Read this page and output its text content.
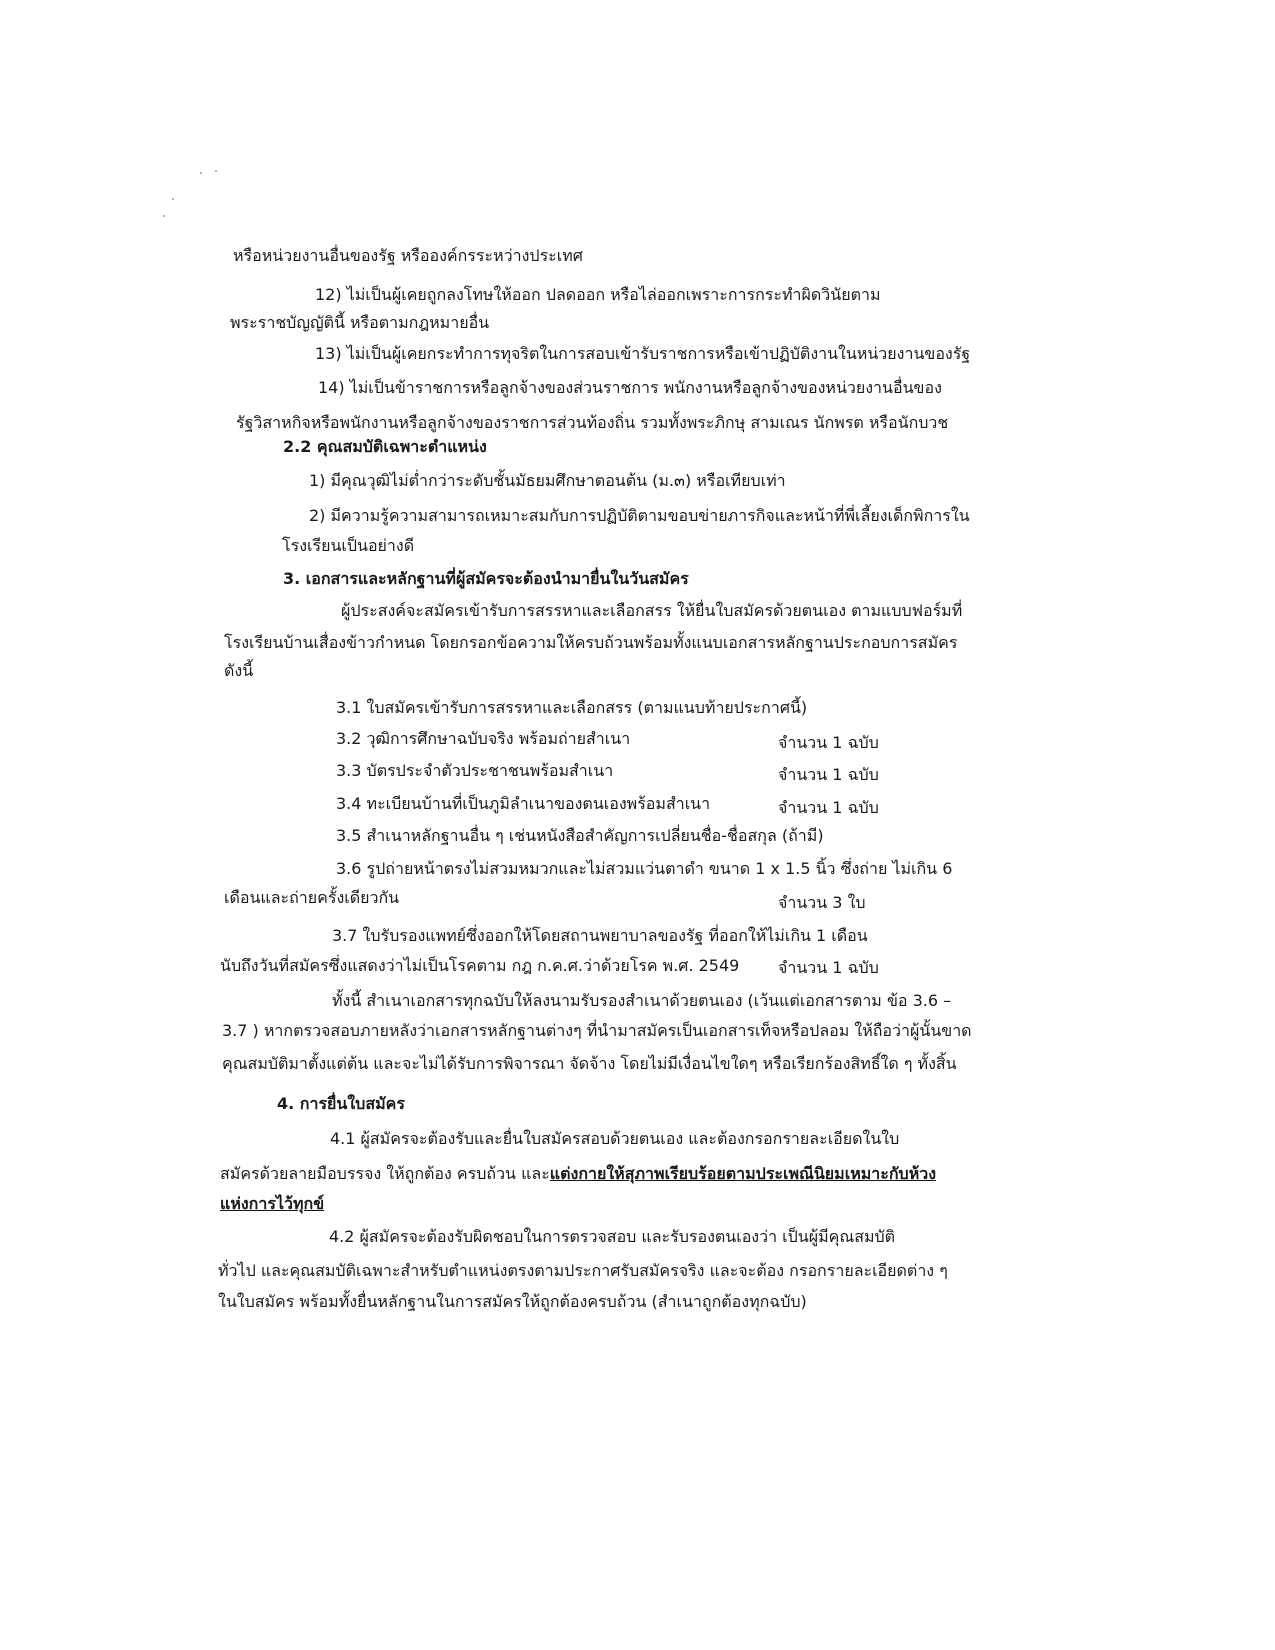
หรือหน่วยงานอื่นของรัฐ หรือองค์กรระหว่างประเทศ
12) ไม่เป็นผู้เคยถูกลงโทษให้ออก ปลดออก หรือไล่ออกเพราะการกระทำผิดวินัยตาม
พระราชบัญญัตินี้ หรือตามกฎหมายอื่น
13) ไม่เป็นผู้เคยกระทำการทุจริตในการสอบเข้ารับราชการหรือเข้าปฏิบัติงานในหน่วยงานของรัฐ
14) ไม่เป็นข้าราชการหรือลูกจ้างของส่วนราชการ พนักงานหรือลูกจ้างของหน่วยงานอื่นของ
รัฐวิสาหกิจหรือพนักงานหรือลูกจ้างของราชการส่วนท้องถิ่น รวมทั้งพระภิกษุ สามเณร นักพรต หรือนักบวช
2.2 คุณสมบัติเฉพาะตำแหน่ง
1) มีคุณวุฒิไม่ต่ำกว่าระดับชั้นมัธยมศึกษาตอนต้น (ม.๓) หรือเทียบเท่า
2) มีความรู้ความสามารถเหมาะสมกับการปฏิบัติตามขอบข่ายภารกิจและหน้าที่พี่เลี้ยงเด็กพิการใน
โรงเรียนเป็นอย่างดี
3. เอกสารและหลักฐานที่ผู้สมัครจะต้องนำมายื่นในวันสมัคร
ผู้ประสงค์จะสมัครเข้ารับการสรรหาและเลือกสรร ให้ยื่นใบสมัครด้วยตนเอง ตามแบบฟอร์มที่
โรงเรียนบ้านเสื่องข้าวกำหนด โดยกรอกข้อความให้ครบถ้วนพร้อมทั้งแนบเอกสารหลักฐานประกอบการสมัคร
ดังนี้
3.1 ใบสมัครเข้ารับการสรรหาและเลือกสรร (ตามแนบท้ายประกาศนี้)
3.2 วุฒิการศึกษาฉบับจริง พร้อมถ่ายสำเนา	จำนวน 1 ฉบับ
3.3 บัตรประจำตัวประชาชนพร้อมสำเนา	จำนวน 1 ฉบับ
3.4 ทะเบียนบ้านที่เป็นภูมิลำเนาของตนเองพร้อมสำเนา	จำนวน 1 ฉบับ
3.5 สำเนาหลักฐานอื่น ๆ เช่นหนังสือสำคัญการเปลี่ยนชื่อ-ชื่อสกุล (ถ้ามี)
3.6 รูปถ่ายหน้าตรงไม่สวมหมวกและไม่สวมแว่นตาดำ ขนาด 1 x 1.5 นิ้ว ซึ่งถ่าย ไม่เกิน 6
เดือนและถ่ายครั้งเดียวกัน	จำนวน 3 ใบ
3.7 ใบรับรองแพทย์ซึ่งออกให้โดยสถานพยาบาลของรัฐ ที่ออกให้ไม่เกิน 1 เดือน
นับถึงวันที่สมัครซึ่งแสดงว่าไม่เป็นโรคตาม กฎ ก.ค.ศ.ว่าด้วยโรค พ.ศ. 2549 จำนวน 1 ฉบับ
ทั้งนี้ สำเนาเอกสารทุกฉบับให้ลงนามรับรองสำเนาด้วยตนเอง (เว้นแต่เอกสารตาม ข้อ 3.6 –
3.7 ) หากตรวจสอบภายหลังว่าเอกสารหลักฐานต่างๆ ที่นำมาสมัครเป็นเอกสารเท็จหรือปลอม ให้ถือว่าผู้นั้นขาด
คุณสมบัติมาตั้งแต่ต้น และจะไม่ได้รับการพิจารณา จัดจ้าง โดยไม่มีเงื่อนไขใดๆ หรือเรียกร้องสิทธิ์ใด ๆ ทั้งสิ้น
4. การยื่นใบสมัคร
4.1 ผู้สมัครจะต้องรับและยื่นใบสมัครสอบด้วยตนเอง และต้องกรอกรายละเอียดในใบ
สมัครด้วยลายมือบรรจง ให้ถูกต้อง ครบถ้วน และแต่งกายให้สุภาพเรียบร้อยตามประเพณีนิยมเหมาะกับห้วง
แห่งการไว้ทุกข์
4.2 ผู้สมัครจะต้องรับผิดชอบในการตรวจสอบ และรับรองตนเองว่า เป็นผู้มีคุณสมบัติ
ทั่วไป และคุณสมบัติเฉพาะสำหรับตำแหน่งตรงตามประกาศรับสมัครจริง และจะต้อง กรอกรายละเอียดต่าง ๆ
ในใบสมัคร พร้อมทั้งยื่นหลักฐานในการสมัครให้ถูกต้องครบถ้วน (สำเนาถูกต้องทุกฉบับ)
